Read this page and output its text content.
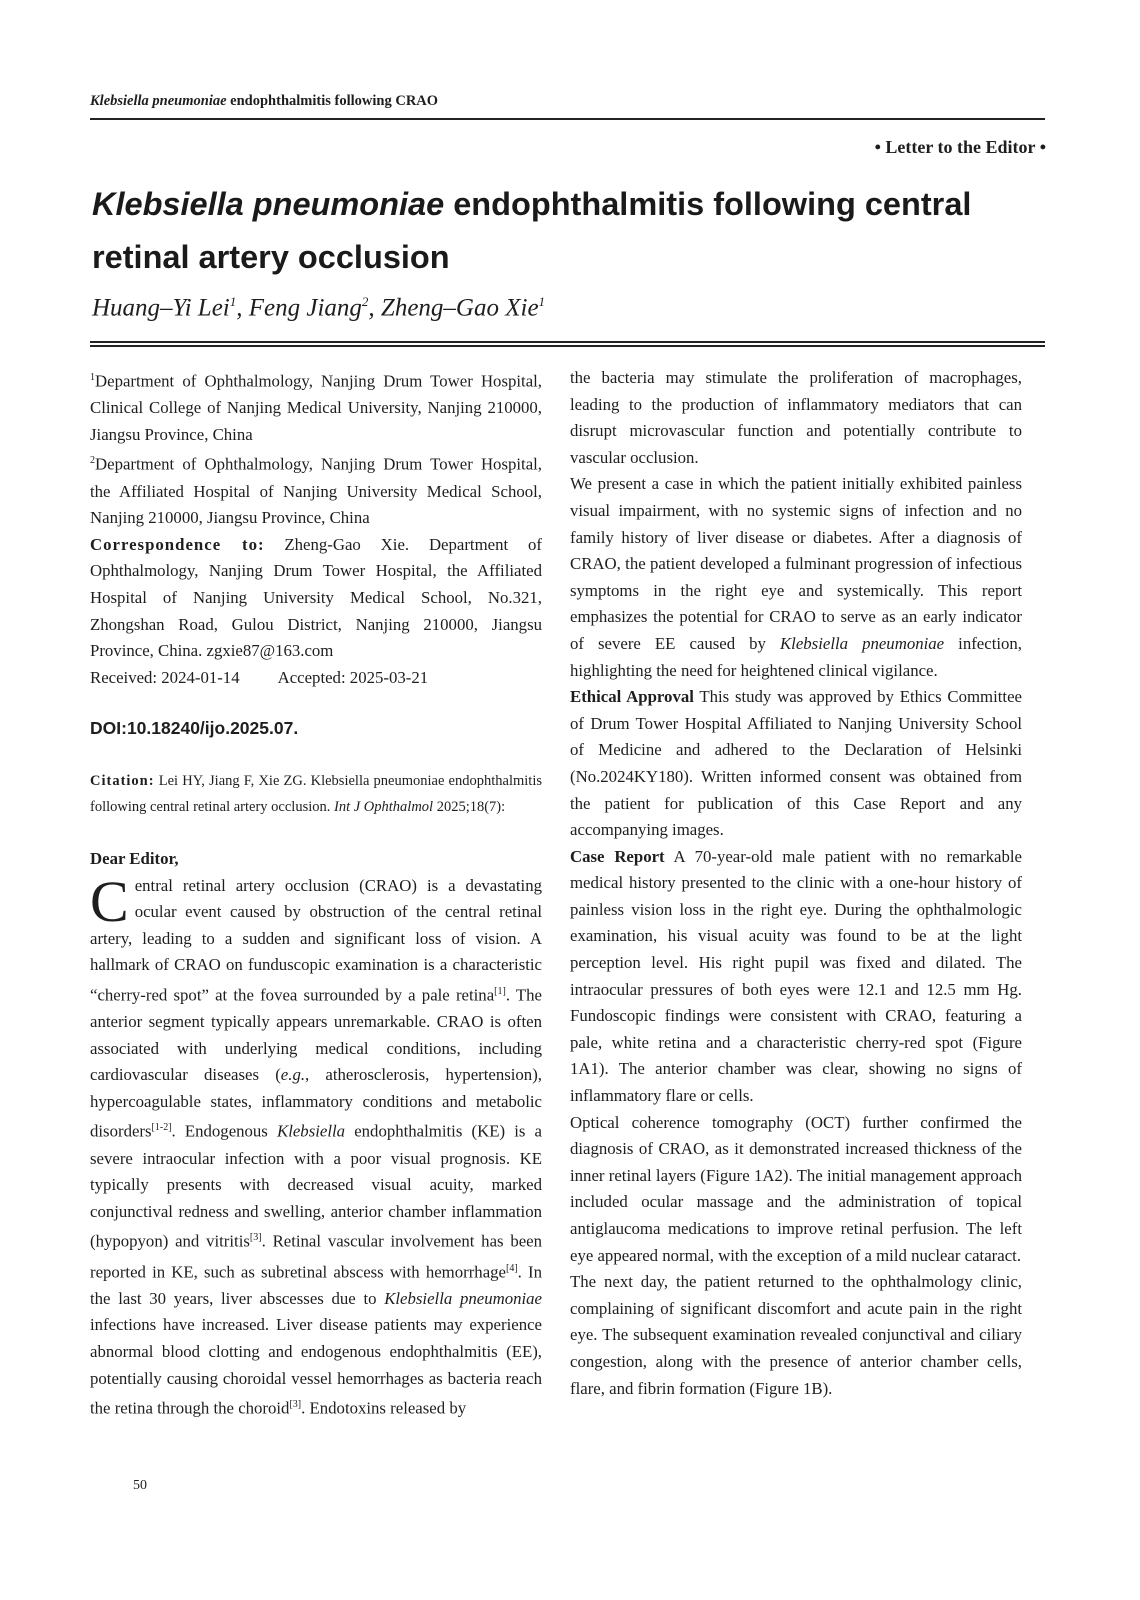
Klebsiella pneumoniae endophthalmitis following CRAO
• Letter to the Editor •
Klebsiella pneumoniae endophthalmitis following central retinal artery occlusion
Huang–Yi Lei$^1$, Feng Jiang$^2$, Zheng–Gao Xie$^1$

$^1$Department of Ophthalmology, Nanjing Drum Tower Hospital, Clinical College of Nanjing Medical University, Nanjing 210000, Jiangsu Province, China

$^2$Department of Ophthalmology, Nanjing Drum Tower Hospital, the Affiliated Hospital of Nanjing University Medical School, Nanjing 210000, Jiangsu Province, China

Correspondence to: Zheng-Gao Xie. Department of Ophthalmology, Nanjing Drum Tower Hospital, the Affiliated Hospital of Nanjing University Medical School, No.321, Zhongshan Road, Gulou District, Nanjing 210000, Jiangsu Province, China. zgxie87@163.com

Received: 2024-01-14 Accepted: 2025-03-21

DOI:10.18240/ijo.2025.07.

Citation: Lei HY, Jiang F, Xie ZG. Klebsiella pneumoniae endophthalmitis following central retinal artery occlusion. Int J Ophthalmol 2025;18(7):

Dear Editor,

Central retinal artery occlusion (CRAO) is a devastating ocular event caused by obstruction of the central retinal artery, leading to a sudden and significant loss of vision. A hallmark of CRAO on funduscopic examination is a characteristic “cherry-red spot” at the fovea surrounded by a pale retina[1]. The anterior segment typically appears unremarkable. CRAO is often associated with underlying medical conditions, including cardiovascular diseases (e.g., atherosclerosis, hypertension), hypercoagulable states, inflammatory conditions and metabolic disorders[1-2]. Endogenous Klebsiella endophthalmitis (KE) is a severe intraocular infection with a poor visual prognosis. KE typically presents with decreased visual acuity, marked conjunctival redness and swelling, anterior chamber inflammation (hypopyon) and vitritis[3]. Retinal vascular involvement has been reported in KE, such as subretinal abscess with hemorrhage[4]. In the last 30 years, liver abscesses due to Klebsiella pneumoniae infections have increased. Liver disease patients may experience abnormal blood clotting and endogenous endophthalmitis (EE), potentially causing choroidal vessel hemorrhages as bacteria reach the retina through the choroid[3]. Endotoxins released by

the bacteria may stimulate the proliferation of macrophages, leading to the production of inflammatory mediators that can disrupt microvascular function and potentially contribute to vascular occlusion.

We present a case in which the patient initially exhibited painless visual impairment, with no systemic signs of infection and no family history of liver disease or diabetes. After a diagnosis of CRAO, the patient developed a fulminant progression of infectious symptoms in the right eye and systemically. This report emphasizes the potential for CRAO to serve as an early indicator of severe EE caused by Klebsiella pneumoniae infection, highlighting the need for heightened clinical vigilance.

Ethical Approval This study was approved by Ethics Committee of Drum Tower Hospital Affiliated to Nanjing University School of Medicine and adhered to the Declaration of Helsinki (No.2024KY180). Written informed consent was obtained from the patient for publication of this Case Report and any accompanying images.

Case Report A 70-year-old male patient with no remarkable medical history presented to the clinic with a one-hour history of painless vision loss in the right eye. During the ophthalmologic examination, his visual acuity was found to be at the light perception level. His right pupil was fixed and dilated. The intraocular pressures of both eyes were 12.1 and 12.5 mm Hg. Fundoscopic findings were consistent with CRAO, featuring a pale, white retina and a characteristic cherry-red spot (Figure 1A1). The anterior chamber was clear, showing no signs of inflammatory flare or cells.

Optical coherence tomography (OCT) further confirmed the diagnosis of CRAO, as it demonstrated increased thickness of the inner retinal layers (Figure 1A2). The initial management approach included ocular massage and the administration of topical antiglaucoma medications to improve retinal perfusion. The left eye appeared normal, with the exception of a mild nuclear cataract.

The next day, the patient returned to the ophthalmology clinic, complaining of significant discomfort and acute pain in the right eye. The subsequent examination revealed conjunctival and ciliary congestion, along with the presence of anterior chamber cells, flare, and fibrin formation (Figure 1B).

50
